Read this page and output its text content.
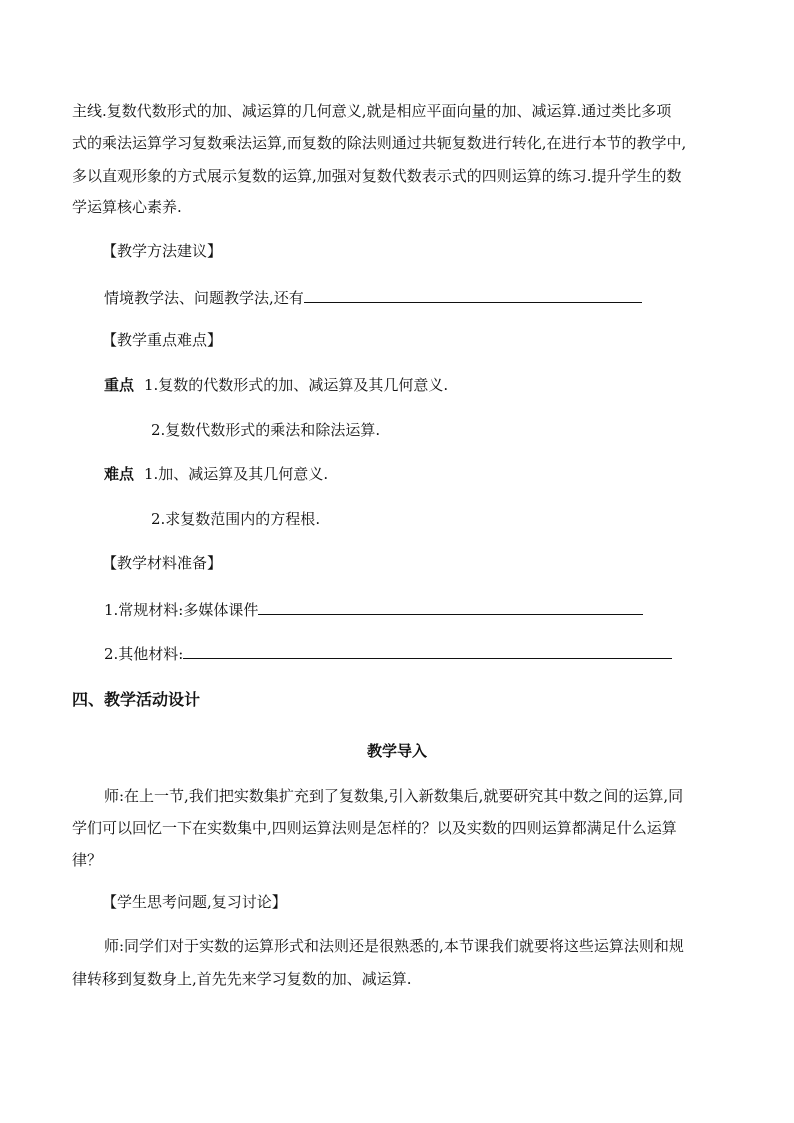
主线.复数代数形式的加、减运算的几何意义,就是相应平面向量的加、减运算.通过类比多项
式的乘法运算学习复数乘法运算,而复数的除法则通过共轭复数进行转化,在进行本节的教学中,
多以直观形象的方式展示复数的运算,加强对复数代数表示式的四则运算的练习.提升学生的数
学运算核心素养.
【教学方法建议】
情境教学法、问题教学法,还有
【教学重点难点】
重点 1.复数的代数形式的加、减运算及其几何意义.
2.复数代数形式的乘法和除法运算.
难点 1.加、减运算及其几何意义.
2.求复数范围内的方程根.
【教学材料准备】
1.常规材料:多媒体课件
2.其他材料:
四、教学活动设计
教学导入
师:在上一节,我们把实数集扩充到了复数集,引入新数集后,就要研究其中数之间的运算,同
学们可以回忆一下在实数集中,四则运算法则是怎样的？以及实数的四则运算都满足什么运算
律？
【学生思考问题,复习讨论】
师:同学们对于实数的运算形式和法则还是很熟悉的,本节课我们就要将这些运算法则和规
律转移到复数身上,首先先来学习复数的加、减运算.
